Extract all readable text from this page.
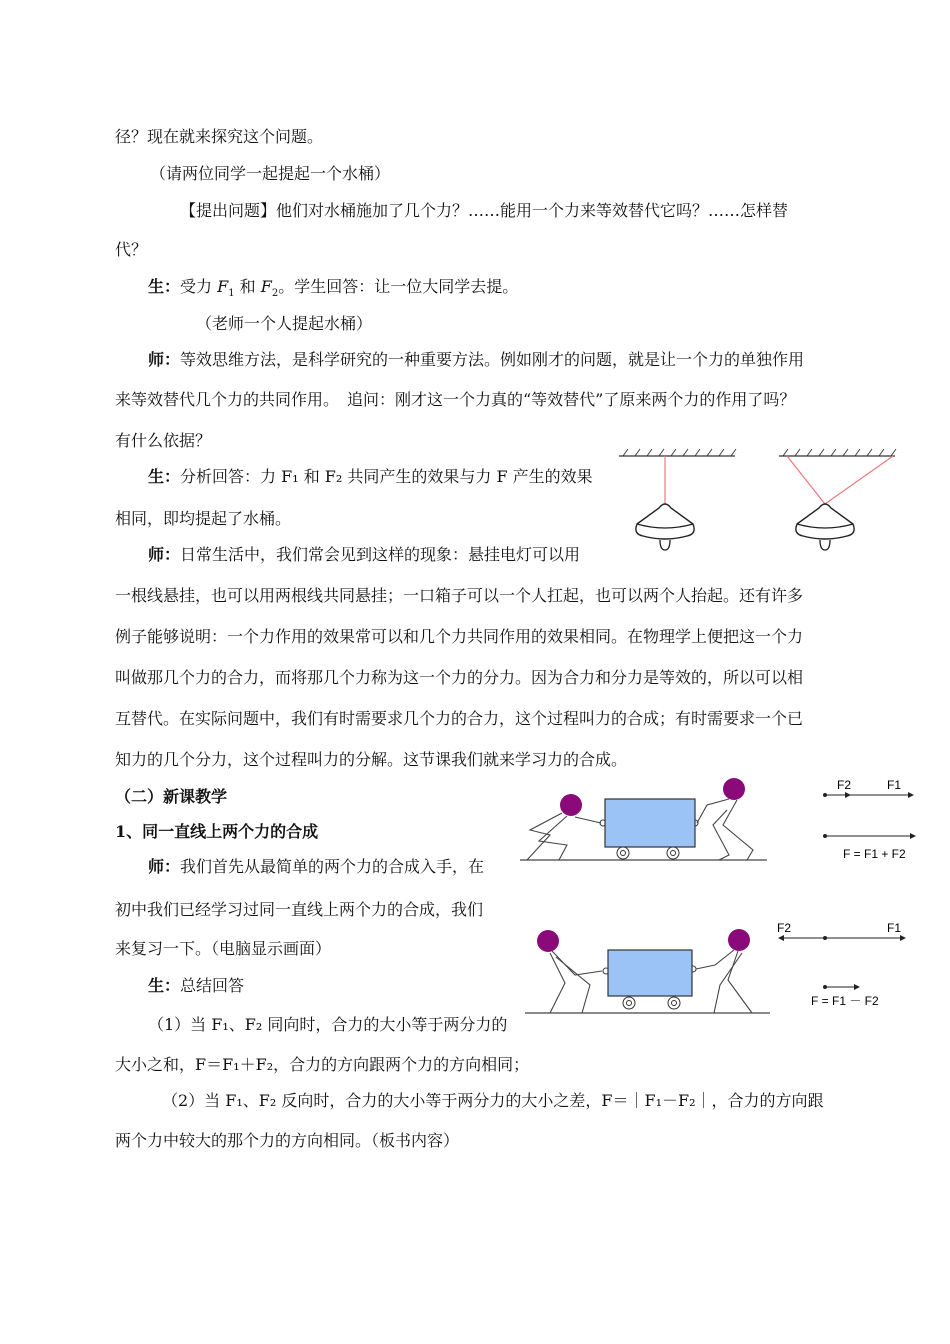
径？现在就来探究这个问题。
（请两位同学一起提起一个水桶）
【提出问题】他们对水桶施加了几个力？……能用一个力来等效替代它吗？……怎样替
代？
生：受力 $F_1$ 和 $F_2$。学生回答：让一位大同学去提。
（老师一个人提起水桶）
师：等效思维方法，是科学研究的一种重要方法。例如刚才的问题，就是让一个力的单独作用
来等效替代几个力的共同作用。　追问：刚才这一个力真的“等效替代”了原来两个力的作用了吗？
有什么依据？
生：分析回答：力 F₁ 和 F₂ 共同产生的效果与力 F 产生的效果
相同，即均提起了水桶。
师：日常生活中，我们常会见到这样的现象：悬挂电灯可以用
一根线悬挂，也可以用两根线共同悬挂；一口箱子可以一个人扛起，也可以两个人抬起。还有许多
例子能够说明：一个力作用的效果常可以和几个力共同作用的效果相同。在物理学上便把这一个力
叫做那几个力的合力，而将那几个力称为这一个力的分力。因为合力和分力是等效的，所以可以相
互替代。在实际问题中，我们有时需要求几个力的合力，这个过程叫力的合成；有时需要求一个已
知力的几个分力，这个过程叫力的分解。这节课我们就来学习力的合成。
（二）新课教学
1、同一直线上两个力的合成
师：我们首先从最简单的两个力的合成入手，在
初中我们已经学习过同一直线上两个力的合成，我们
来复习一下。（电脑显示画面）
生：总结回答
（1）当 F₁、F₂ 同向时，合力的大小等于两分力的
大小之和，F＝F₁＋F₂，合力的方向跟两个力的方向相同；
（2）当 F₁、F₂ 反向时，合力的大小等于两分力的大小之差，F＝｜F₁－F₂｜，合力的方向跟
两个力中较大的那个力的方向相同。（板书内容）
F2	F1
F = F1 + F2
F2	F1
F = F1 － F2
